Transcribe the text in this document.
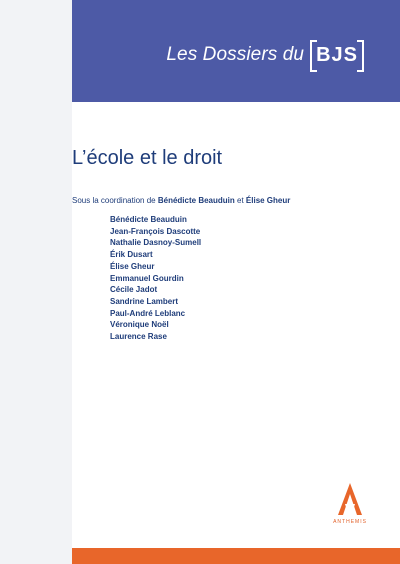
Les Dossiers du BJS
L’école et le droit
Sous la coordination de Bénédicte Beauduin et Élise Gheur
Bénédicte Beauduin
Jean-François Dascotte
Nathalie Dasnoy-Sumell
Érik Dusart
Élise Gheur
Emmanuel Gourdin
Cécile Jadot
Sandrine Lambert
Paul-André Leblanc
Véronique Noël
Laurence Rase
ANTHEMIS
